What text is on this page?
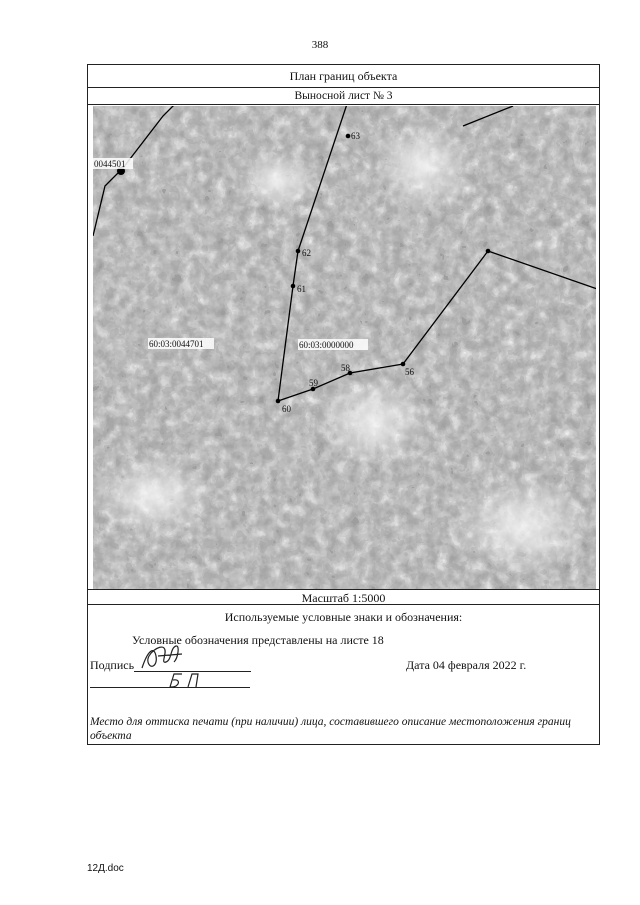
388
План границ объекта
Выносной лист № 3
0044501
60:03:0044701	60:03:0000000
63
62
61
60
59
58	56
Масштаб 1:5000
Используемые условные знаки и обозначения:
Условные обозначения представлены на листе 18
Подпись	Дата 04 февраля 2022 г.
Место для оттиска печати (при наличии) лица, составившего описание местоположения границ объекта
12Д.doc
